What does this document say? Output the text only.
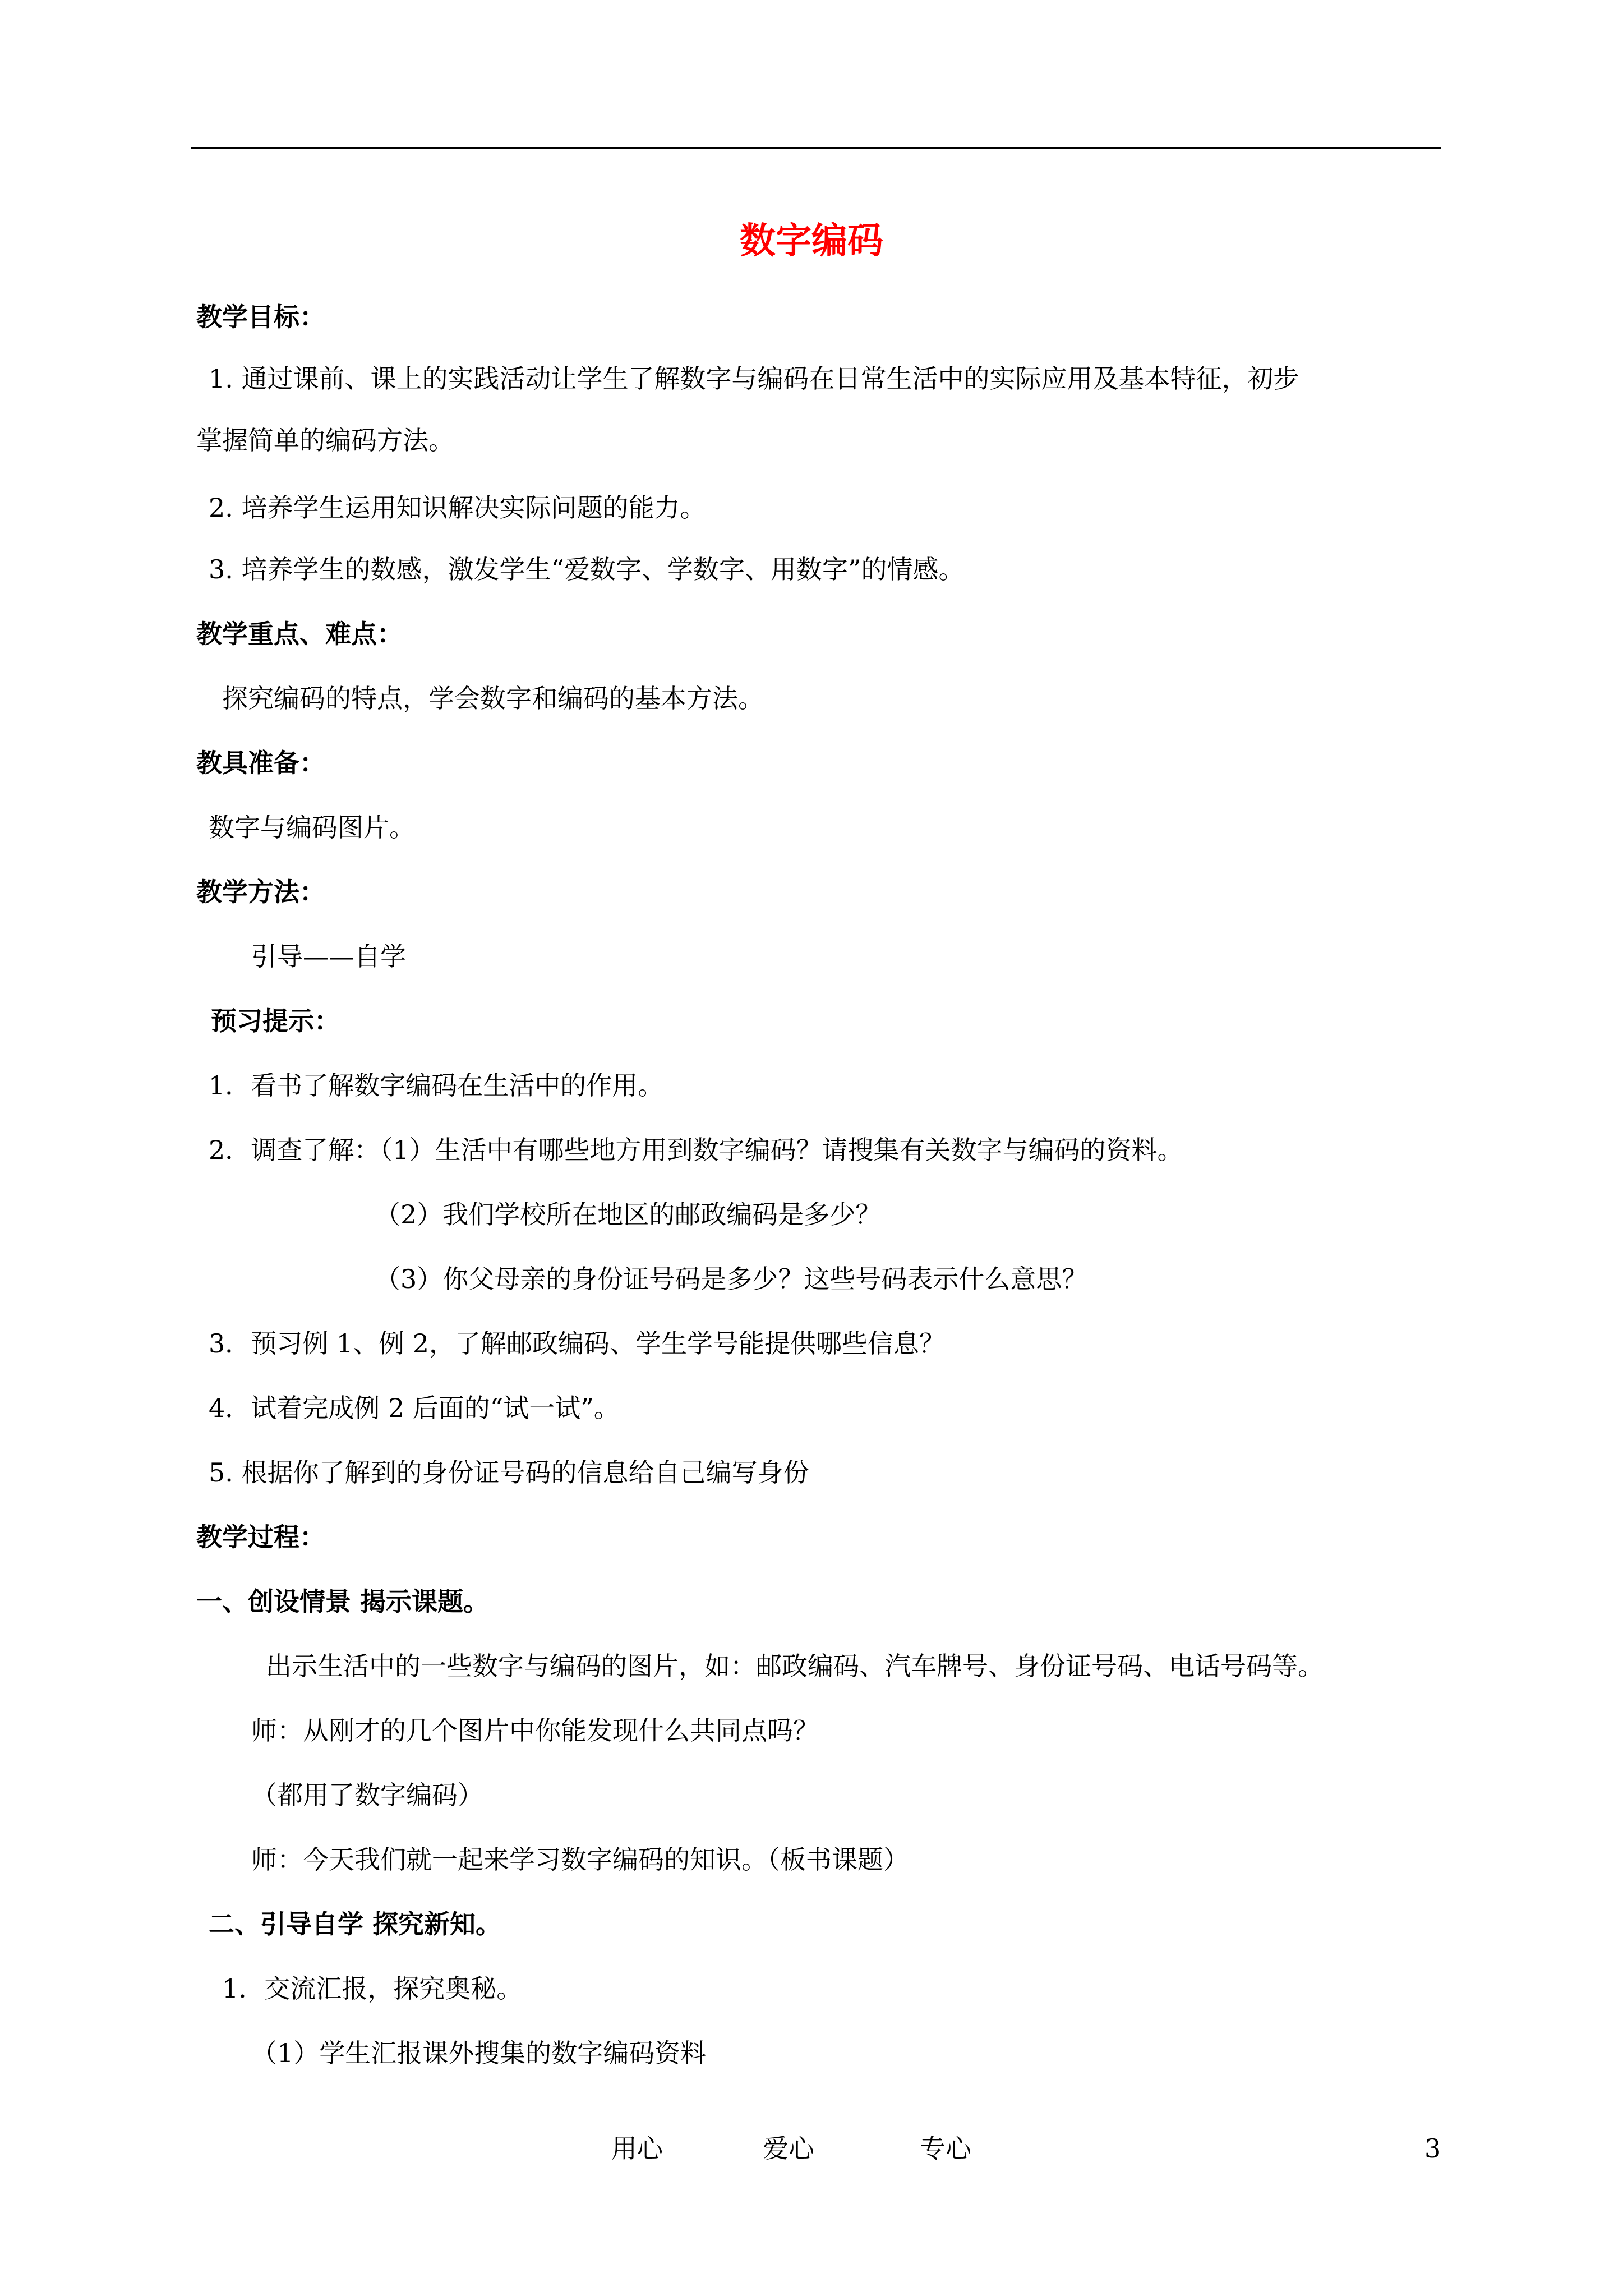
数字编码
教学目标：
1. 通过课前、课上的实践活动让学生了解数字与编码在日常生活中的实际应用及基本特征，初步
掌握简单的编码方法。
2. 培养学生运用知识解决实际问题的能力。
3. 培养学生的数感，激发学生“爱数字、学数字、用数字”的情感。
教学重点、难点：
探究编码的特点，学会数字和编码的基本方法。
教具准备：
数字与编码图片。
教学方法：
引导——自学
预习提示：
1．看书了解数字编码在生活中的作用。
2．调查了解：（1）生活中有哪些地方用到数字编码？请搜集有关数字与编码的资料。
（2）我们学校所在地区的邮政编码是多少？
（3）你父母亲的身份证号码是多少？这些号码表示什么意思？
3．预习例 1、例 2，了解邮政编码、学生学号能提供哪些信息？
4．试着完成例 2 后面的“试一试”。
5. 根据你了解到的身份证号码的信息给自己编写身份
教学过程：
一、创设情景 揭示课题。
出示生活中的一些数字与编码的图片，如：邮政编码、汽车牌号、身份证号码、电话号码等。
师：从刚才的几个图片中你能发现什么共同点吗？
（都用了数字编码）
师：今天我们就一起来学习数字编码的知识。（板书课题）
二、引导自学 探究新知。
1．交流汇报，探究奥秘。
（1）学生汇报课外搜集的数字编码资料
用心	爱心	专心	3
